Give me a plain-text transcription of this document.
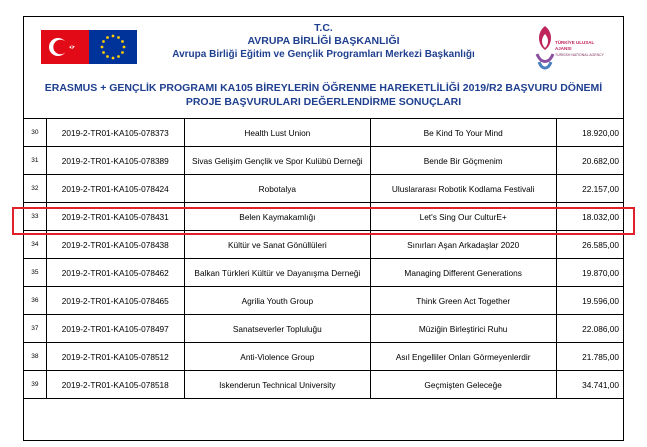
T.C.
AVRUPA BİRLİĞİ BAŞKANLIĞI
Avrupa Birliği Eğitim ve Gençlik Programları Merkezi Başkanlığı
TÜRKİYE ULUSAL AJANSI
TURKISH NATIONAL AGENCY
ERASMUS + GENÇLİK PROGRAMI KA105 BİREYLERİN ÖĞRENME HAREKETLİLİĞİ 2019/R2 BAŞVURU DÖNEMİ
PROJE BAŞVURULARI DEĞERLENDİRME SONUÇLARI
30	2019-2-TR01-KA105-078373	Health Lust Union	Be Kind To Your Mind	18.920,00
31	2019-2-TR01-KA105-078389	Sivas Gelişim Gençlik ve Spor Kulübü Derneği	Bende Bir Göçmenim	20.682,00
32	2019-2-TR01-KA105-078424	Robotalya	Uluslararası Robotik Kodlama Festivali	22.157,00
33	2019-2-TR01-KA105-078431	Belen Kaymakamlığı	Let's Sing Our CulturE+	18.032,00
34	2019-2-TR01-KA105-078438	Kültür ve Sanat Gönüllüleri	Sınırları Aşan Arkadaşlar 2020	26.585,00
35	2019-2-TR01-KA105-078462	Balkan Türkleri Kültür ve Dayanışma Derneği	Managing Different Generations	19.870,00
36	2019-2-TR01-KA105-078465	Agrilia Youth Group	Think Green Act Together	19.596,00
37	2019-2-TR01-KA105-078497	Sanatseverler Topluluğu	Müziğin Birleştirici Ruhu	22.086,00
38	2019-2-TR01-KA105-078512	Anti-Violence Group	Asıl Engelliler Onları Görmeyenlerdir	21.785,00
39	2019-2-TR01-KA105-078518	Iskenderun Technical University	Geçmişten Geleceğe	34.741,00
